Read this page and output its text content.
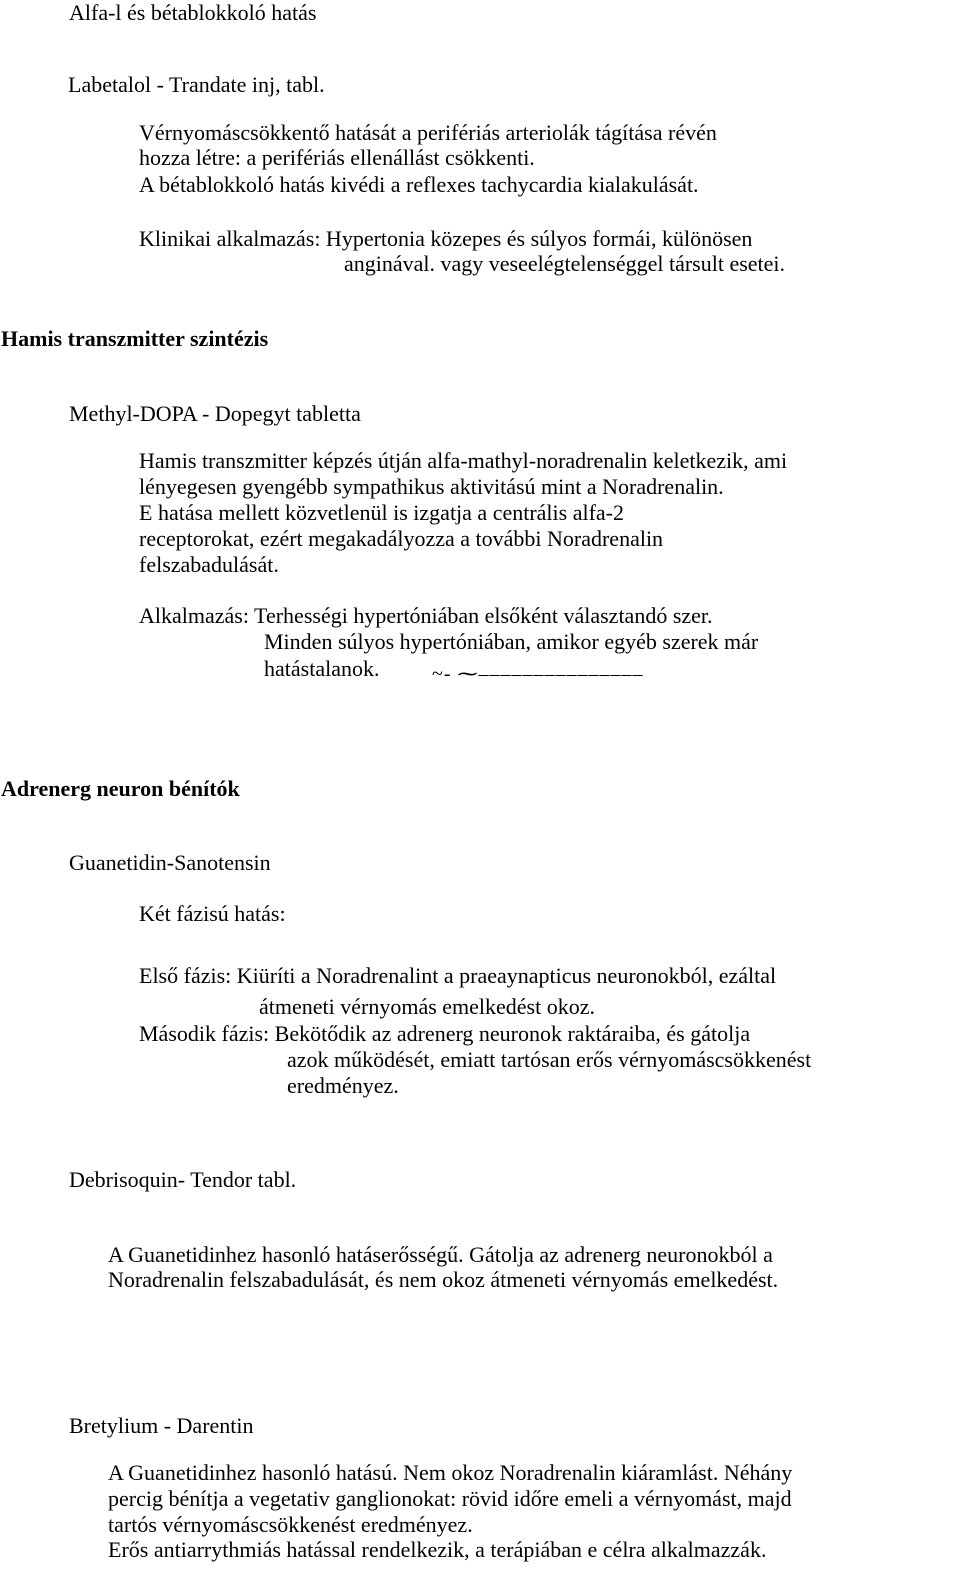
Alfa-l és bétablokkoló hatás
Labetalol - Trandate inj, tabl.
Vérnyomáscsökkentő hatását a perifériás arteriolák tágítása révén
hozza létre: a perifériás ellenállást csökkenti.
A bétablokkoló hatás kivédi a reflexes tachycardia kialakulását.
Klinikai alkalmazás: Hypertonia közepes és súlyos formái, különösen
anginával. vagy veseelégtelenséggel társult esetei.
Hamis transzmitter szintézis
Methyl-DOPA - Dopegyt tabletta
Hamis transzmitter képzés útján alfa-mathyl-noradrenalin keletkezik, ami
lényegesen gyengébb sympathikus aktivitású mint a Noradrenalin.
E hatása mellett közvetlenül is izgatja a centrális alfa-2
receptorokat, ezért megakadályozza a további Noradrenalin
felszabadulását.
Alkalmazás: Terhességi hypertóniában elsőként választandó szer.
Minden súlyos hypertóniában, amikor egyéb szerek már
hatástalanok.	~- ⁓‒‒‒‒‒‒‒‒‒‒‒‒‒‒‒
Adrenerg neuron bénítók
Guanetidin-Sanotensin
Két fázisú hatás:
Első fázis: Kiüríti a Noradrenalint a praeaynapticus neuronokból, ezáltal
átmeneti vérnyomás emelkedést okoz.
Második fázis: Bekötődik az adrenerg neuronok raktáraiba, és gátolja
azok működését, emiatt tartósan erős vérnyomáscsökkenést
eredményez.
Debrisoquin- Tendor tabl.
A Guanetidinhez hasonló hatáserősségű. Gátolja az adrenerg neuronokból a
Noradrenalin felszabadulását, és nem okoz átmeneti vérnyomás emelkedést.
Bretylium - Darentin
A Guanetidinhez hasonló hatású. Nem okoz Noradrenalin kiáramlást. Néhány
percig bénítja a vegetativ ganglionokat: rövid időre emeli a vérnyomást, majd
tartós vérnyomáscsökkenést eredményez.
Erős antiarrythmiás hatással rendelkezik, a terápiában e célra alkalmazzák.
